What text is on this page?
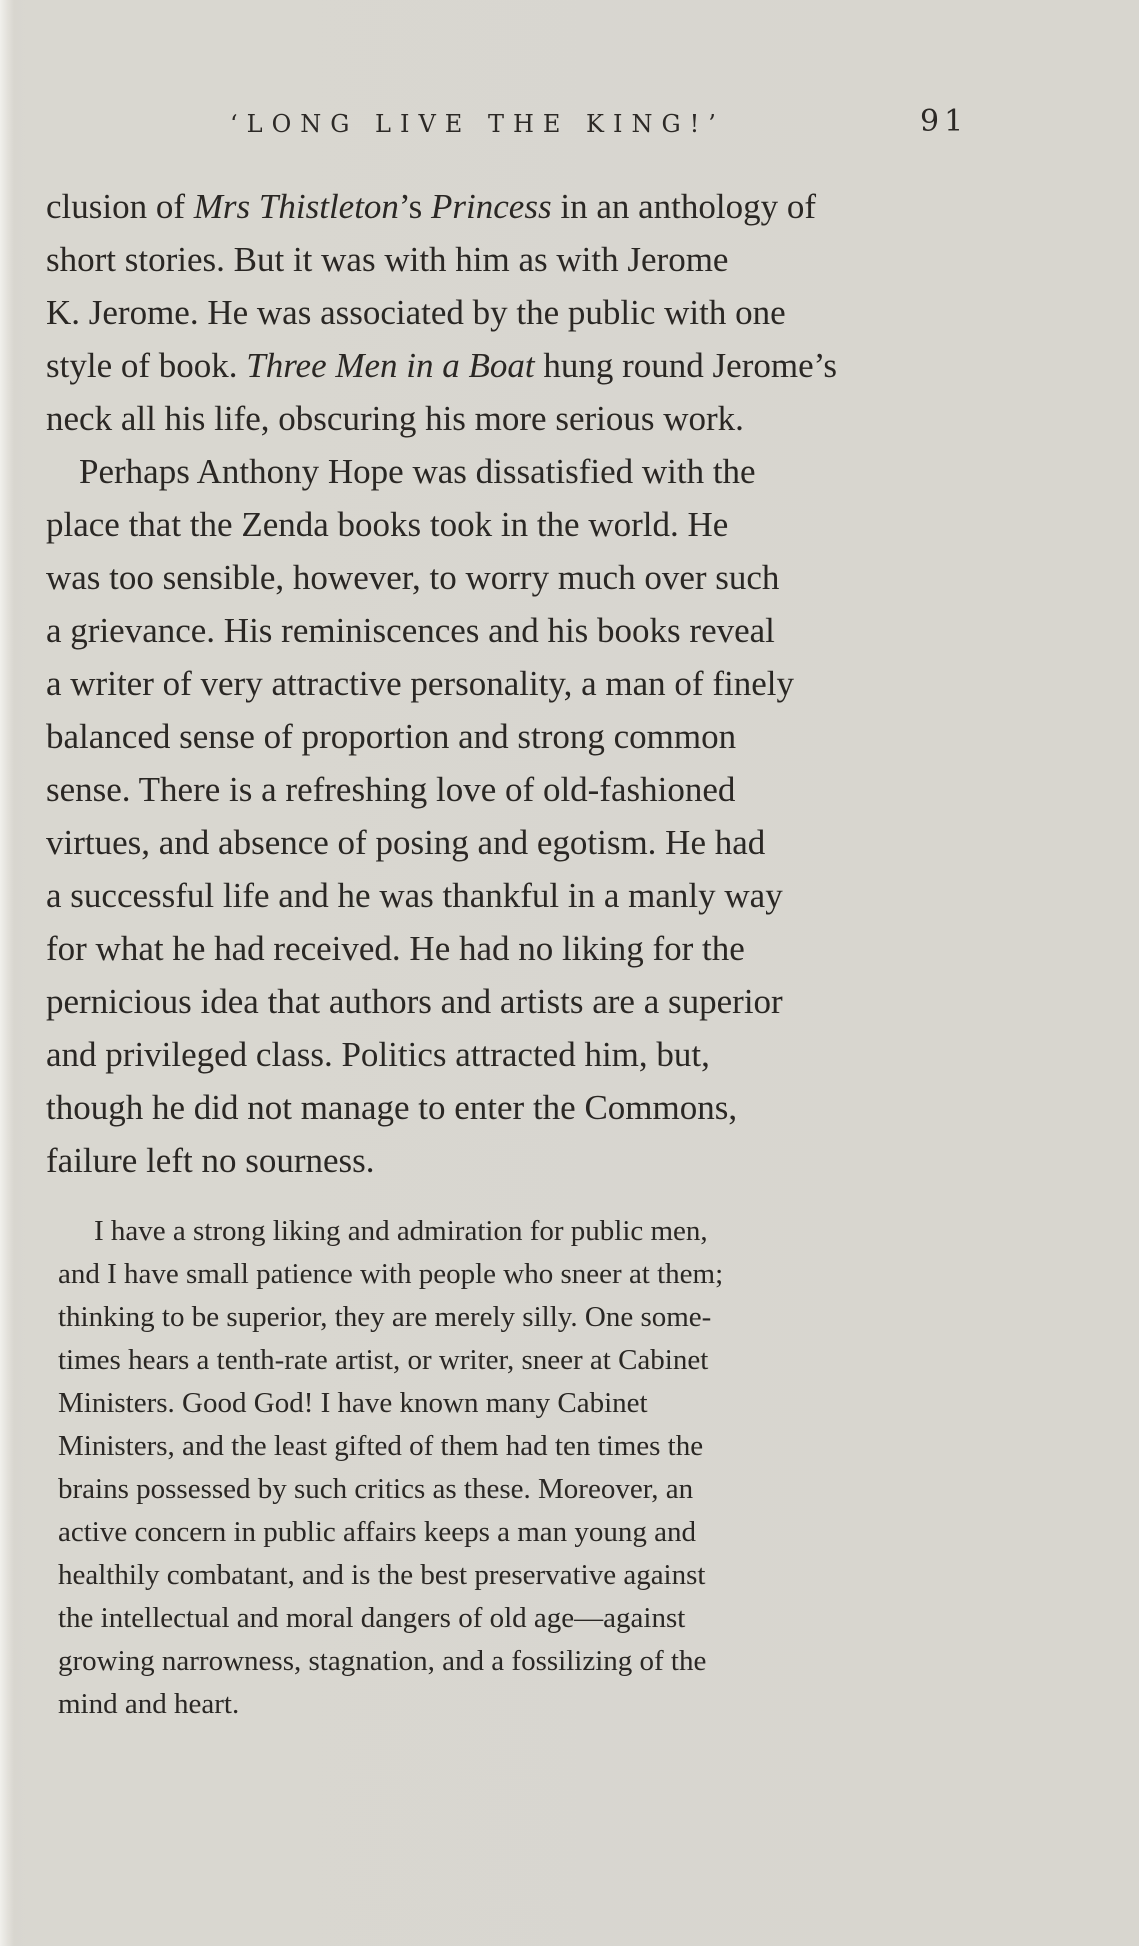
‘LONG LIVE THE KING!’	91
clusion of Mrs Thistleton’s Princess in an anthology of
short stories. But it was with him as with Jerome
K. Jerome. He was associated by the public with one
style of book. Three Men in a Boat hung round Jerome’s
neck all his life, obscuring his more serious work.
Perhaps Anthony Hope was dissatisfied with the
place that the Zenda books took in the world. He
was too sensible, however, to worry much over such
a grievance. His reminiscences and his books reveal
a writer of very attractive personality, a man of finely
balanced sense of proportion and strong common
sense. There is a refreshing love of old-fashioned
virtues, and absence of posing and egotism. He had
a successful life and he was thankful in a manly way
for what he had received. He had no liking for the
pernicious idea that authors and artists are a superior
and privileged class. Politics attracted him, but,
though he did not manage to enter the Commons,
failure left no sourness.
I have a strong liking and admiration for public men,
and I have small patience with people who sneer at them;
thinking to be superior, they are merely silly. One some-
times hears a tenth-rate artist, or writer, sneer at Cabinet
Ministers. Good God! I have known many Cabinet
Ministers, and the least gifted of them had ten times the
brains possessed by such critics as these. Moreover, an
active concern in public affairs keeps a man young and
healthily combatant, and is the best preservative against
the intellectual and moral dangers of old age—against
growing narrowness, stagnation, and a fossilizing of the
mind and heart.
